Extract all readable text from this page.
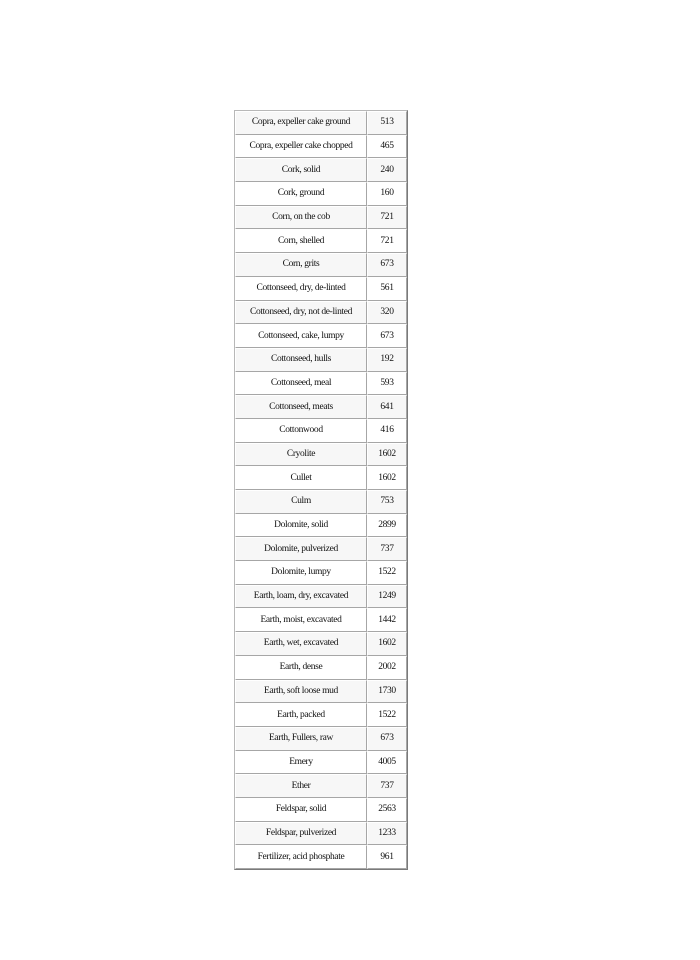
Copra, expeller cake ground	513
Copra, expeller cake chopped	465
Cork, solid	240
Cork, ground	160
Corn, on the cob	721
Corn, shelled	721
Corn, grits	673
Cottonseed, dry, de-linted	561
Cottonseed, dry, not de-linted	320
Cottonseed, cake, lumpy	673
Cottonseed, hulls	192
Cottonseed, meal	593
Cottonseed, meats	641
Cottonwood	416
Cryolite	1602
Cullet	1602
Culm	753
Dolomite, solid	2899
Dolomite, pulverized	737
Dolomite, lumpy	1522
Earth, loam, dry, excavated	1249
Earth, moist, excavated	1442
Earth, wet, excavated	1602
Earth, dense	2002
Earth, soft loose mud	1730
Earth, packed	1522
Earth, Fullers, raw	673
Emery	4005
Ether	737
Feldspar, solid	2563
Feldspar, pulverized	1233
Fertilizer, acid phosphate	961
